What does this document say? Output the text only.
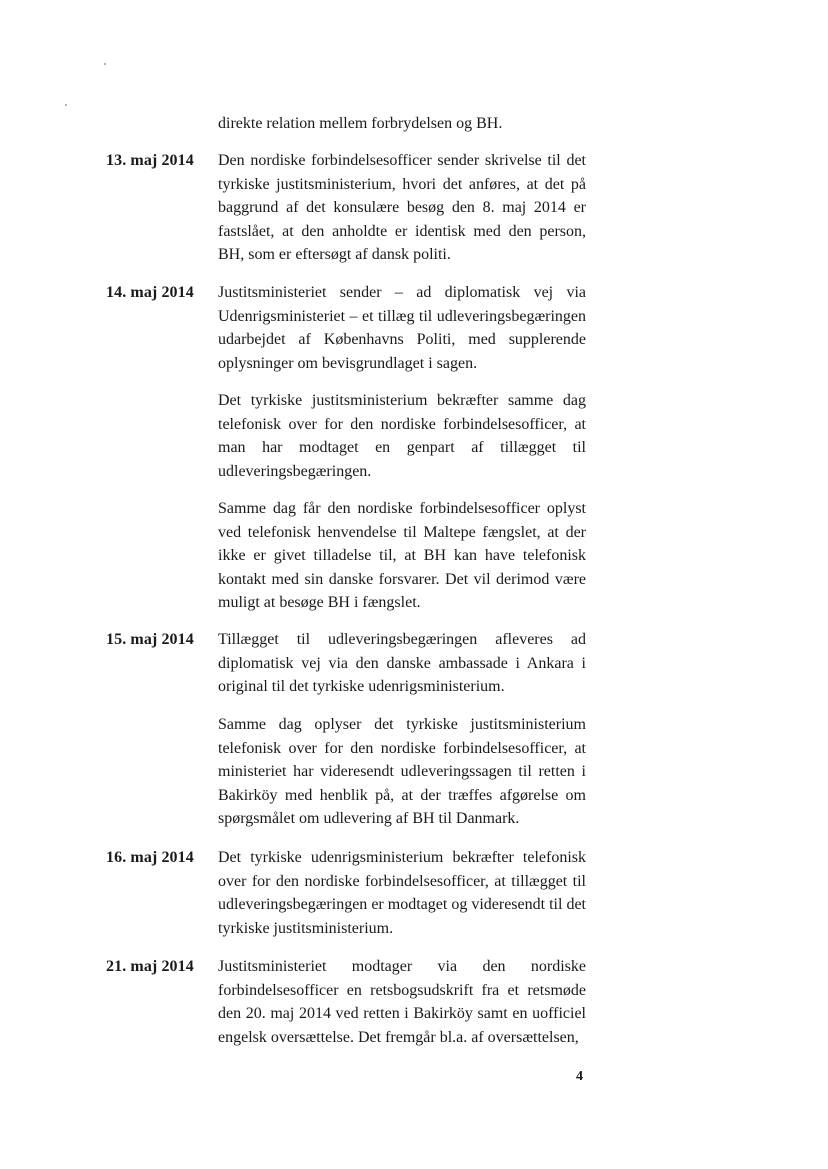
direkte relation mellem forbrydelsen og BH.
13. maj 2014 Den nordiske forbindelsesofficer sender skrivelse til det tyrkiske justitsministerium, hvori det anføres, at det på baggrund af det konsulære besøg den 8. maj 2014 er fastslået, at den anholdte er identisk med den person, BH, som er eftersøgt af dansk politi.
14. maj 2014 Justitsministeriet sender – ad diplomatisk vej via Udenrigsministeriet – et tillæg til udleveringsbegæringen udarbejdet af Københavns Politi, med supplerende oplysninger om bevisgrundlaget i sagen.
Det tyrkiske justitsministerium bekræfter samme dag telefonisk over for den nordiske forbindelsesofficer, at man har modtaget en genpart af tillægget til udleveringsbegæringen.
Samme dag får den nordiske forbindelsesofficer oplyst ved telefonisk henvendelse til Maltepe fængslet, at der ikke er givet tilladelse til, at BH kan have telefonisk kontakt med sin danske forsvarer. Det vil derimod være muligt at besøge BH i fængslet.
15. maj 2014 Tillægget til udleveringsbegæringen afleveres ad diplomatisk vej via den danske ambassade i Ankara i original til det tyrkiske udenrigsministerium.
Samme dag oplyser det tyrkiske justitsministerium telefonisk over for den nordiske forbindelsesofficer, at ministeriet har videresendt udleveringssagen til retten i Bakirköy med henblik på, at der træffes afgørelse om spørgsmålet om udlevering af BH til Danmark.
16. maj 2014 Det tyrkiske udenrigsministerium bekræfter telefonisk over for den nordiske forbindelsesofficer, at tillægget til udleveringsbegæringen er modtaget og videresendt til det tyrkiske justitsministerium.
21. maj 2014 Justitsministeriet modtager via den nordiske forbindelsesofficer en retsbogsudskrift fra et retsmøde den 20. maj 2014 ved retten i Bakirköy samt en uofficiel engelsk oversættelse. Det fremgår bl.a. af oversættelsen,
4
